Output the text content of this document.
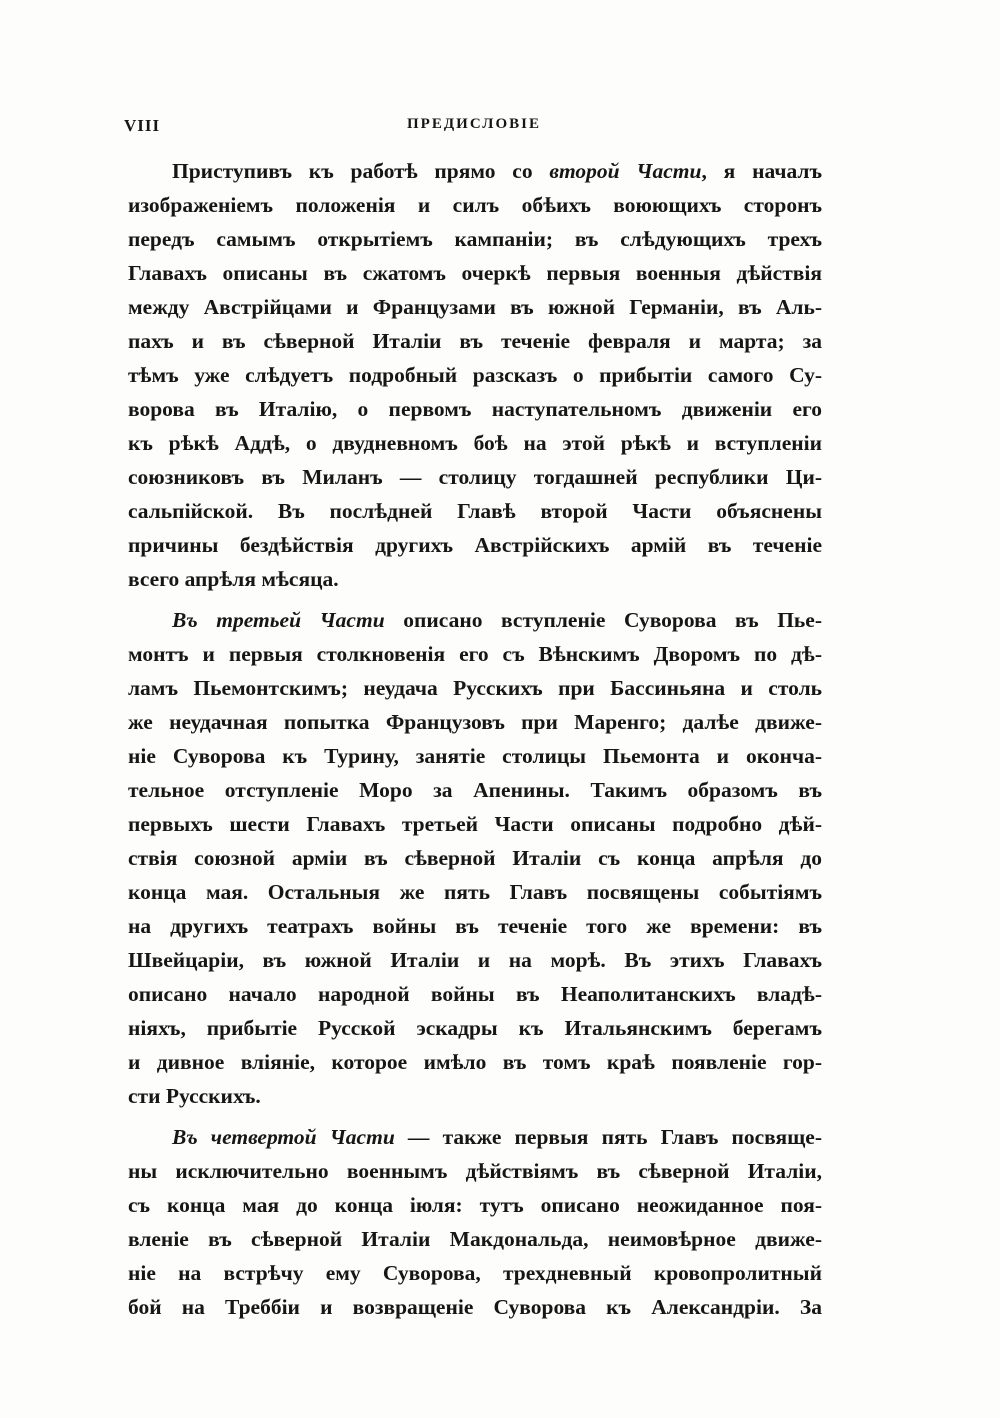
VIII	ПРЕДИСЛОВІЕ
Приступивъ къ работѣ прямо со второй Части, я началъ
изображеніемъ положенія и силъ обѣихъ воюющихъ сторонъ
передъ самымъ открытіемъ кампаніи; въ слѣдующихъ трехъ
Главахъ описаны въ сжатомъ очеркѣ первыя военныя дѣйствія
между Австрійцами и Французами въ южной Германіи, въ Аль-
пахъ и въ сѣверной Италіи въ теченіе февраля и марта; за
тѣмъ уже слѣдуетъ подробный разсказъ о прибытіи самого Су-
ворова въ Италію, о первомъ наступательномъ движеніи его
къ рѣкѣ Аддѣ, о двудневномъ боѣ на этой рѣкѣ и вступленіи
союзниковъ въ Миланъ — столицу тогдашней республики Ци-
сальпійской. Въ послѣдней Главѣ второй Части объяснены
причины бездѣйствія другихъ Австрійскихъ армій въ теченіе
всего апрѣля мѣсяца.
Въ третьей Части описано вступленіе Суворова въ Пье-
монтъ и первыя столкновенія его съ Вѣнскимъ Дворомъ по дѣ-
ламъ Пьемонтскимъ; неудача Русскихъ при Бассиньяна и столь
же неудачная попытка Французовъ при Маренго; далѣе движе-
ніе Суворова къ Турину, занятіе столицы Пьемонта и оконча-
тельное отступленіе Моро за Апенины. Такимъ образомъ въ
первыхъ шести Главахъ третьей Части описаны подробно дѣй-
ствія союзной арміи въ сѣверной Италіи съ конца апрѣля до
конца мая. Остальныя же пять Главъ посвящены событіямъ
на другихъ театрахъ войны въ теченіе того же времени: въ
Швейцаріи, въ южной Италіи и на морѣ. Въ этихъ Главахъ
описано начало народной войны въ Неаполитанскихъ владѣ-
ніяхъ, прибытіе Русской эскадры къ Итальянскимъ берегамъ
и дивное вліяніе, которое имѣло въ томъ краѣ появленіе гор-
сти Русскихъ.
Въ четвертой Части — также первыя пять Главъ посвяще-
ны исключительно военнымъ дѣйствіямъ въ сѣверной Италіи,
съ конца мая до конца іюля: тутъ описано неожиданное поя-
вленіе въ сѣверной Италіи Макдональда, неимовѣрное движе-
ніе на встрѣчу ему Суворова, трехдневный кровопролитный
бой на Треббіи и возвращеніе Суворова къ Александріи. За
